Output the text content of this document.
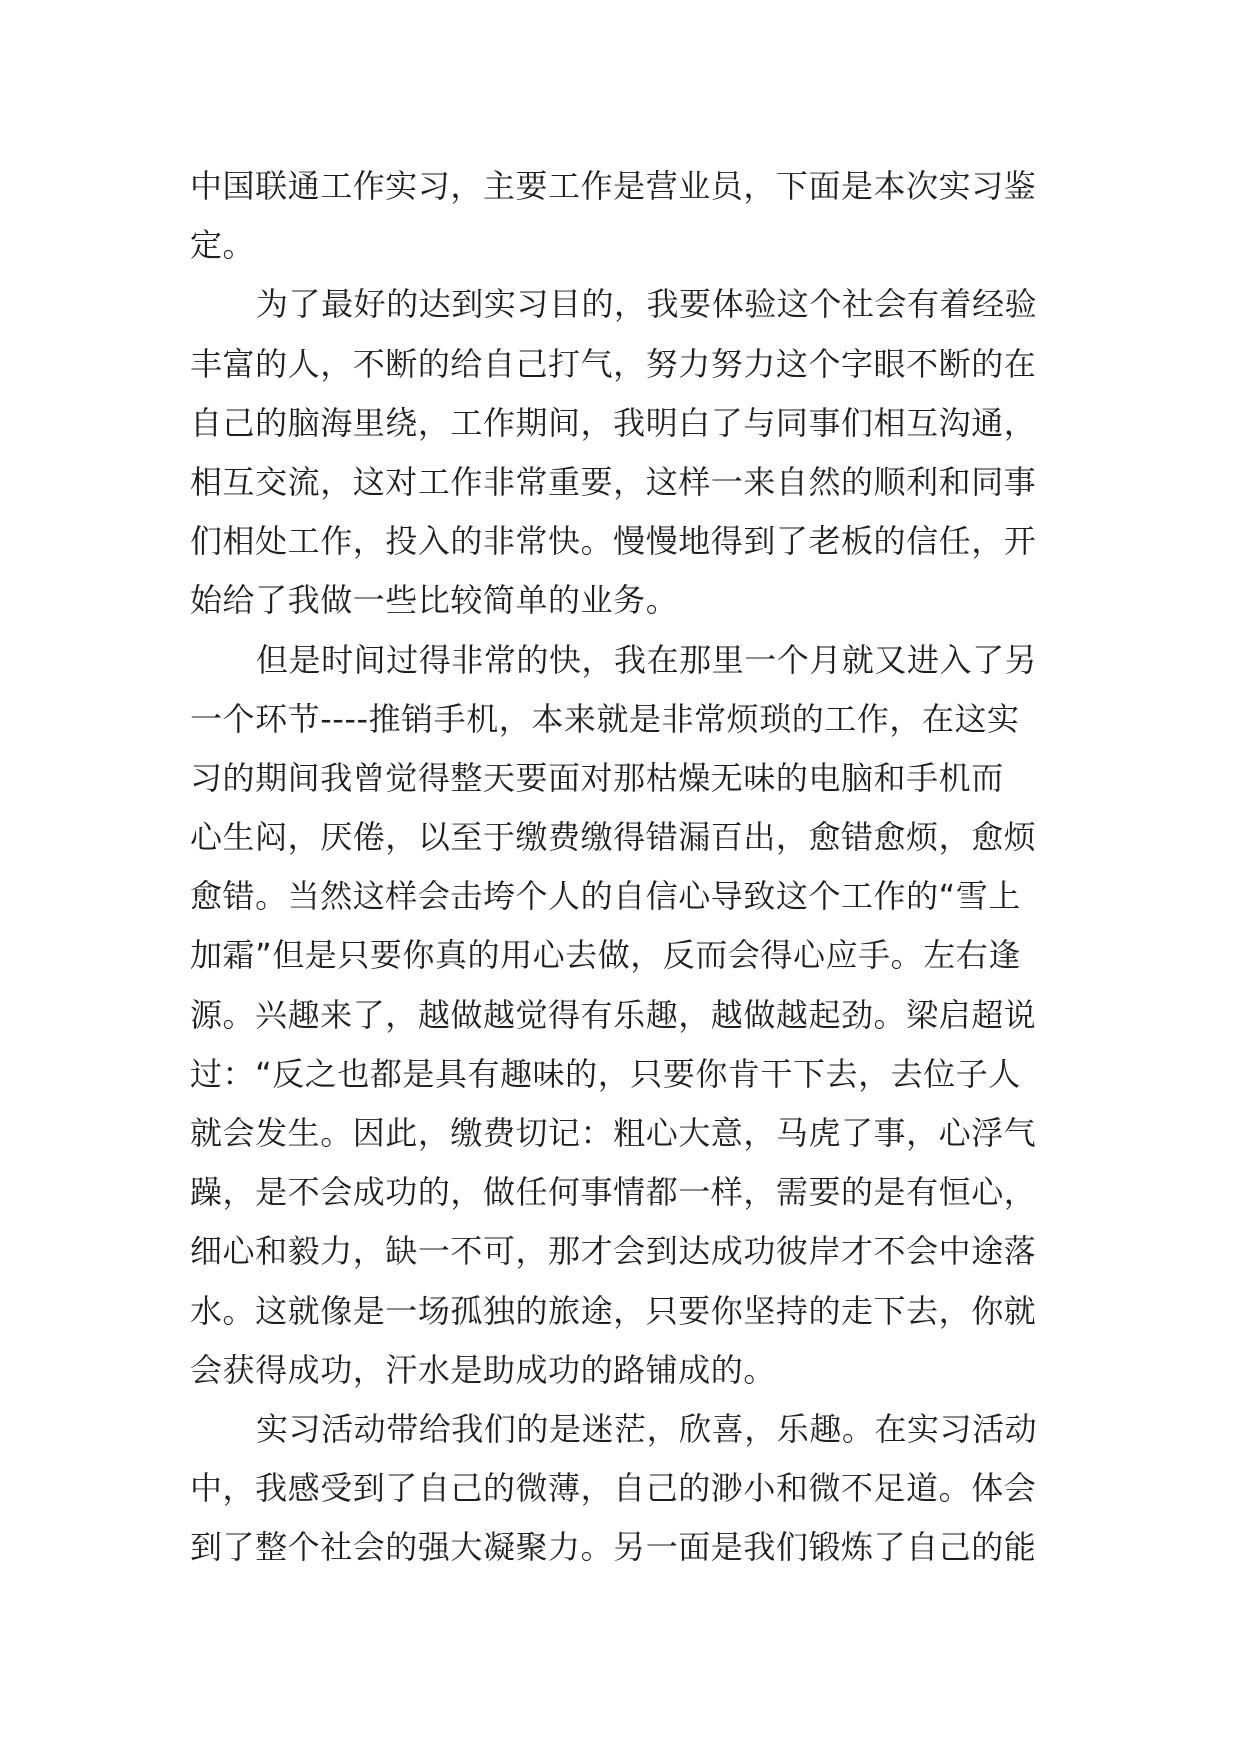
中国联通工作实习，主要工作是营业员，下面是本次实习鉴
定。
为了最好的达到实习目的，我要体验这个社会有着经验
丰富的人，不断的给自己打气，努力努力这个字眼不断的在
自己的脑海里绕，工作期间，我明白了与同事们相互沟通，
相互交流，这对工作非常重要，这样一来自然的顺利和同事
们相处工作，投入的非常快。慢慢地得到了老板的信任，开
始给了我做一些比较简单的业务。
但是时间过得非常的快，我在那里一个月就又进入了另
一个环节----推销手机，本来就是非常烦琐的工作，在这实
习的期间我曾觉得整天要面对那枯燥无味的电脑和手机而
心生闷，厌倦，以至于缴费缴得错漏百出，愈错愈烦，愈烦
愈错。当然这样会击垮个人的自信心导致这个工作的“雪上
加霜”但是只要你真的用心去做，反而会得心应手。左右逢
源。兴趣来了，越做越觉得有乐趣，越做越起劲。梁启超说
过：“反之也都是具有趣味的，只要你肯干下去，去位子人
就会发生。因此，缴费切记：粗心大意，马虎了事，心浮气
躁，是不会成功的，做任何事情都一样，需要的是有恒心，
细心和毅力，缺一不可，那才会到达成功彼岸才不会中途落
水。这就像是一场孤独的旅途，只要你坚持的走下去，你就
会获得成功，汗水是助成功的路铺成的。
实习活动带给我们的是迷茫，欣喜，乐趣。在实习活动
中，我感受到了自己的微薄，自己的渺小和微不足道。体会
到了整个社会的强大凝聚力。另一面是我们锻炼了自己的能
